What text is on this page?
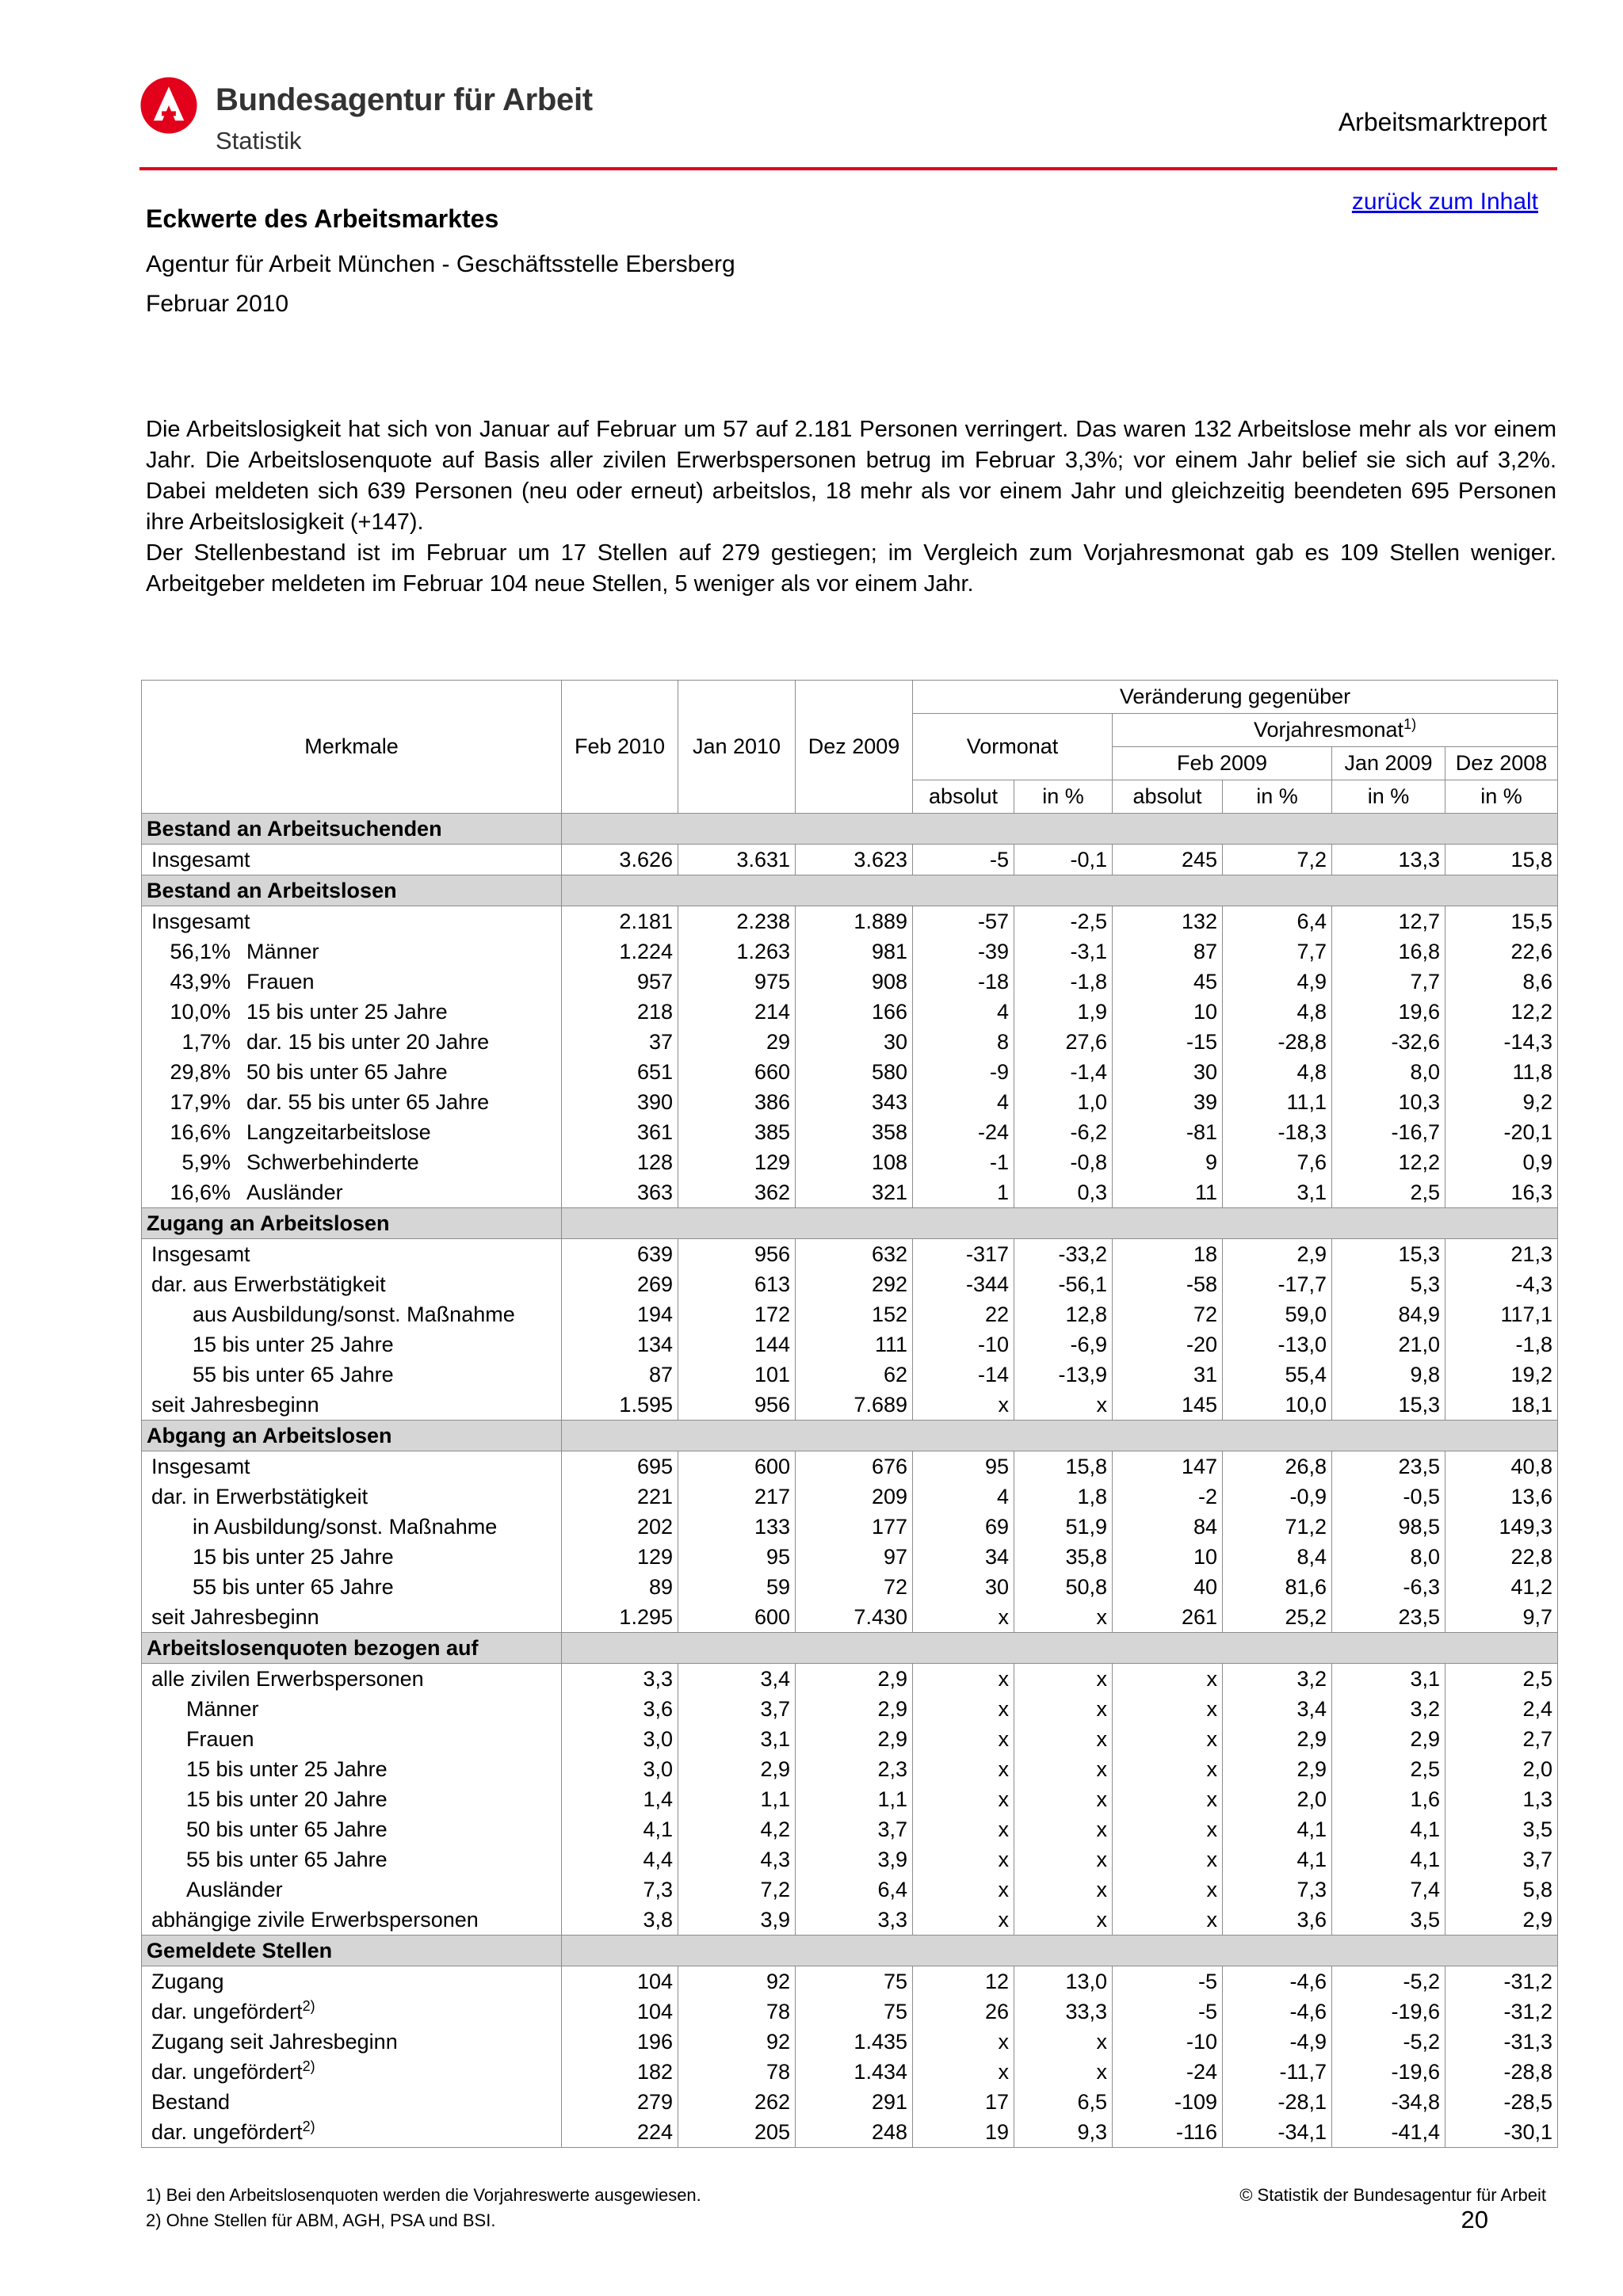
Bundesagentur für Arbeit
Statistik
Arbeitsmarktreport
zurück zum Inhalt
Eckwerte des Arbeitsmarktes
Agentur für Arbeit München - Geschäftsstelle Ebersberg
Februar 2010

Die Arbeitslosigkeit hat sich von Januar auf Februar um 57 auf 2.181 Personen verringert. Das waren 132 Arbeitslose mehr als vor einem Jahr. Die Arbeitslosenquote auf Basis aller zivilen Erwerbspersonen betrug im Februar 3,3%; vor einem Jahr belief sie sich auf 3,2%. Dabei meldeten sich 639 Personen (neu oder erneut) arbeitslos, 18 mehr als vor einem Jahr und gleichzeitig beendeten 695 Personen ihre Arbeitslosigkeit (+147).

Der Stellenbestand ist im Februar um 17 Stellen auf 279 gestiegen; im Vergleich zum Vorjahresmonat gab es 109 Stellen weniger. Arbeitgeber meldeten im Februar 104 neue Stellen, 5 weniger als vor einem Jahr.

Merkmale	Feb 2010	Jan 2010	Dez 2009	Veränderung gegenüber					
				Vormonat		Vorjahresmonat$^{1)}$
						Feb 2009		Jan 2009	Dez 2008
				absolut	in %	absolut	in %	in %	in %
Bestand an Arbeitsuchenden									
Insgesamt	3.626	3.631	3.623	-5	-0,1	245	7,2	13,3	15,8
Bestand an Arbeitslosen									
Insgesamt	2.181	2.238	1.889	-57	-2,5	132	6,4	12,7	15,5
56,1% Männer	1.224	1.263	981	-39	-3,1	87	7,7	16,8	22,6
43,9% Frauen	957	975	908	-18	-1,8	45	4,9	7,7	8,6
10,0% 15 bis unter 25 Jahre	218	214	166	4	1,9	10	4,8	19,6	12,2
1,7% dar. 15 bis unter 20 Jahre	37	29	30	8	27,6	-15	-28,8	-32,6	-14,3
29,8% 50 bis unter 65 Jahre	651	660	580	-9	-1,4	30	4,8	8,0	11,8
17,9% dar. 55 bis unter 65 Jahre	390	386	343	4	1,0	39	11,1	10,3	9,2
16,6% Langzeitarbeitslose	361	385	358	-24	-6,2	-81	-18,3	-16,7	-20,1
5,9% Schwerbehinderte	128	129	108	-1	-0,8	9	7,6	12,2	0,9
16,6% Ausländer	363	362	321	1	0,3	11	3,1	2,5	16,3
Zugang an Arbeitslosen									
Insgesamt	639	956	632	-317	-33,2	18	2,9	15,3	21,3
dar. aus Erwerbstätigkeit	269	613	292	-344	-56,1	-58	-17,7	5,3	-4,3
aus Ausbildung/sonst. Maßnahme	194	172	152	22	12,8	72	59,0	84,9	117,1
15 bis unter 25 Jahre	134	144	111	-10	-6,9	-20	-13,0	21,0	-1,8
55 bis unter 65 Jahre	87	101	62	-14	-13,9	31	55,4	9,8	19,2
seit Jahresbeginn	1.595	956	7.689	x	x	145	10,0	15,3	18,1
Abgang an Arbeitslosen									
Insgesamt	695	600	676	95	15,8	147	26,8	23,5	40,8
dar. in Erwerbstätigkeit	221	217	209	4	1,8	-2	-0,9	-0,5	13,6
in Ausbildung/sonst. Maßnahme	202	133	177	69	51,9	84	71,2	98,5	149,3
15 bis unter 25 Jahre	129	95	97	34	35,8	10	8,4	8,0	22,8
55 bis unter 65 Jahre	89	59	72	30	50,8	40	81,6	-6,3	41,2
seit Jahresbeginn	1.295	600	7.430	x	x	261	25,2	23,5	9,7
Arbeitslosenquoten bezogen auf									
alle zivilen Erwerbspersonen	3,3	3,4	2,9	x	x	x	3,2	3,1	2,5
Männer	3,6	3,7	2,9	x	x	x	3,4	3,2	2,4
Frauen	3,0	3,1	2,9	x	x	x	2,9	2,9	2,7
15 bis unter 25 Jahre	3,0	2,9	2,3	x	x	x	2,9	2,5	2,0
15 bis unter 20 Jahre	1,4	1,1	1,1	x	x	x	2,0	1,6	1,3
50 bis unter 65 Jahre	4,1	4,2	3,7	x	x	x	4,1	4,1	3,5
55 bis unter 65 Jahre	4,4	4,3	3,9	x	x	x	4,1	4,1	3,7
Ausländer	7,3	7,2	6,4	x	x	x	7,3	7,4	5,8
abhängige zivile Erwerbspersonen	3,8	3,9	3,3	x	x	x	3,6	3,5	2,9
Gemeldete Stellen									
Zugang	104	92	75	12	13,0	-5	-4,6	-5,2	-31,2
dar. ungefördert$^{2)}$	104	78	75	26	33,3	-5	-4,6	-19,6	-31,2
Zugang seit Jahresbeginn	196	92	1.435	x	x	-10	-4,9	-5,2	-31,3
dar. ungefördert$^{2)}$	182	78	1.434	x	x	-24	-11,7	-19,6	-28,8
Bestand	279	262	291	17	6,5	-109	-28,1	-34,8	-28,5
dar. ungefördert$^{2)}$	224	205	248	19	9,3	-116	-34,1	-41,4	-30,1
1) Bei den Arbeitslosenquoten werden die Vorjahreswerte ausgewiesen.
2) Ohne Stellen für ABM, AGH, PSA und BSI.
© Statistik der Bundesagentur für Arbeit
20
